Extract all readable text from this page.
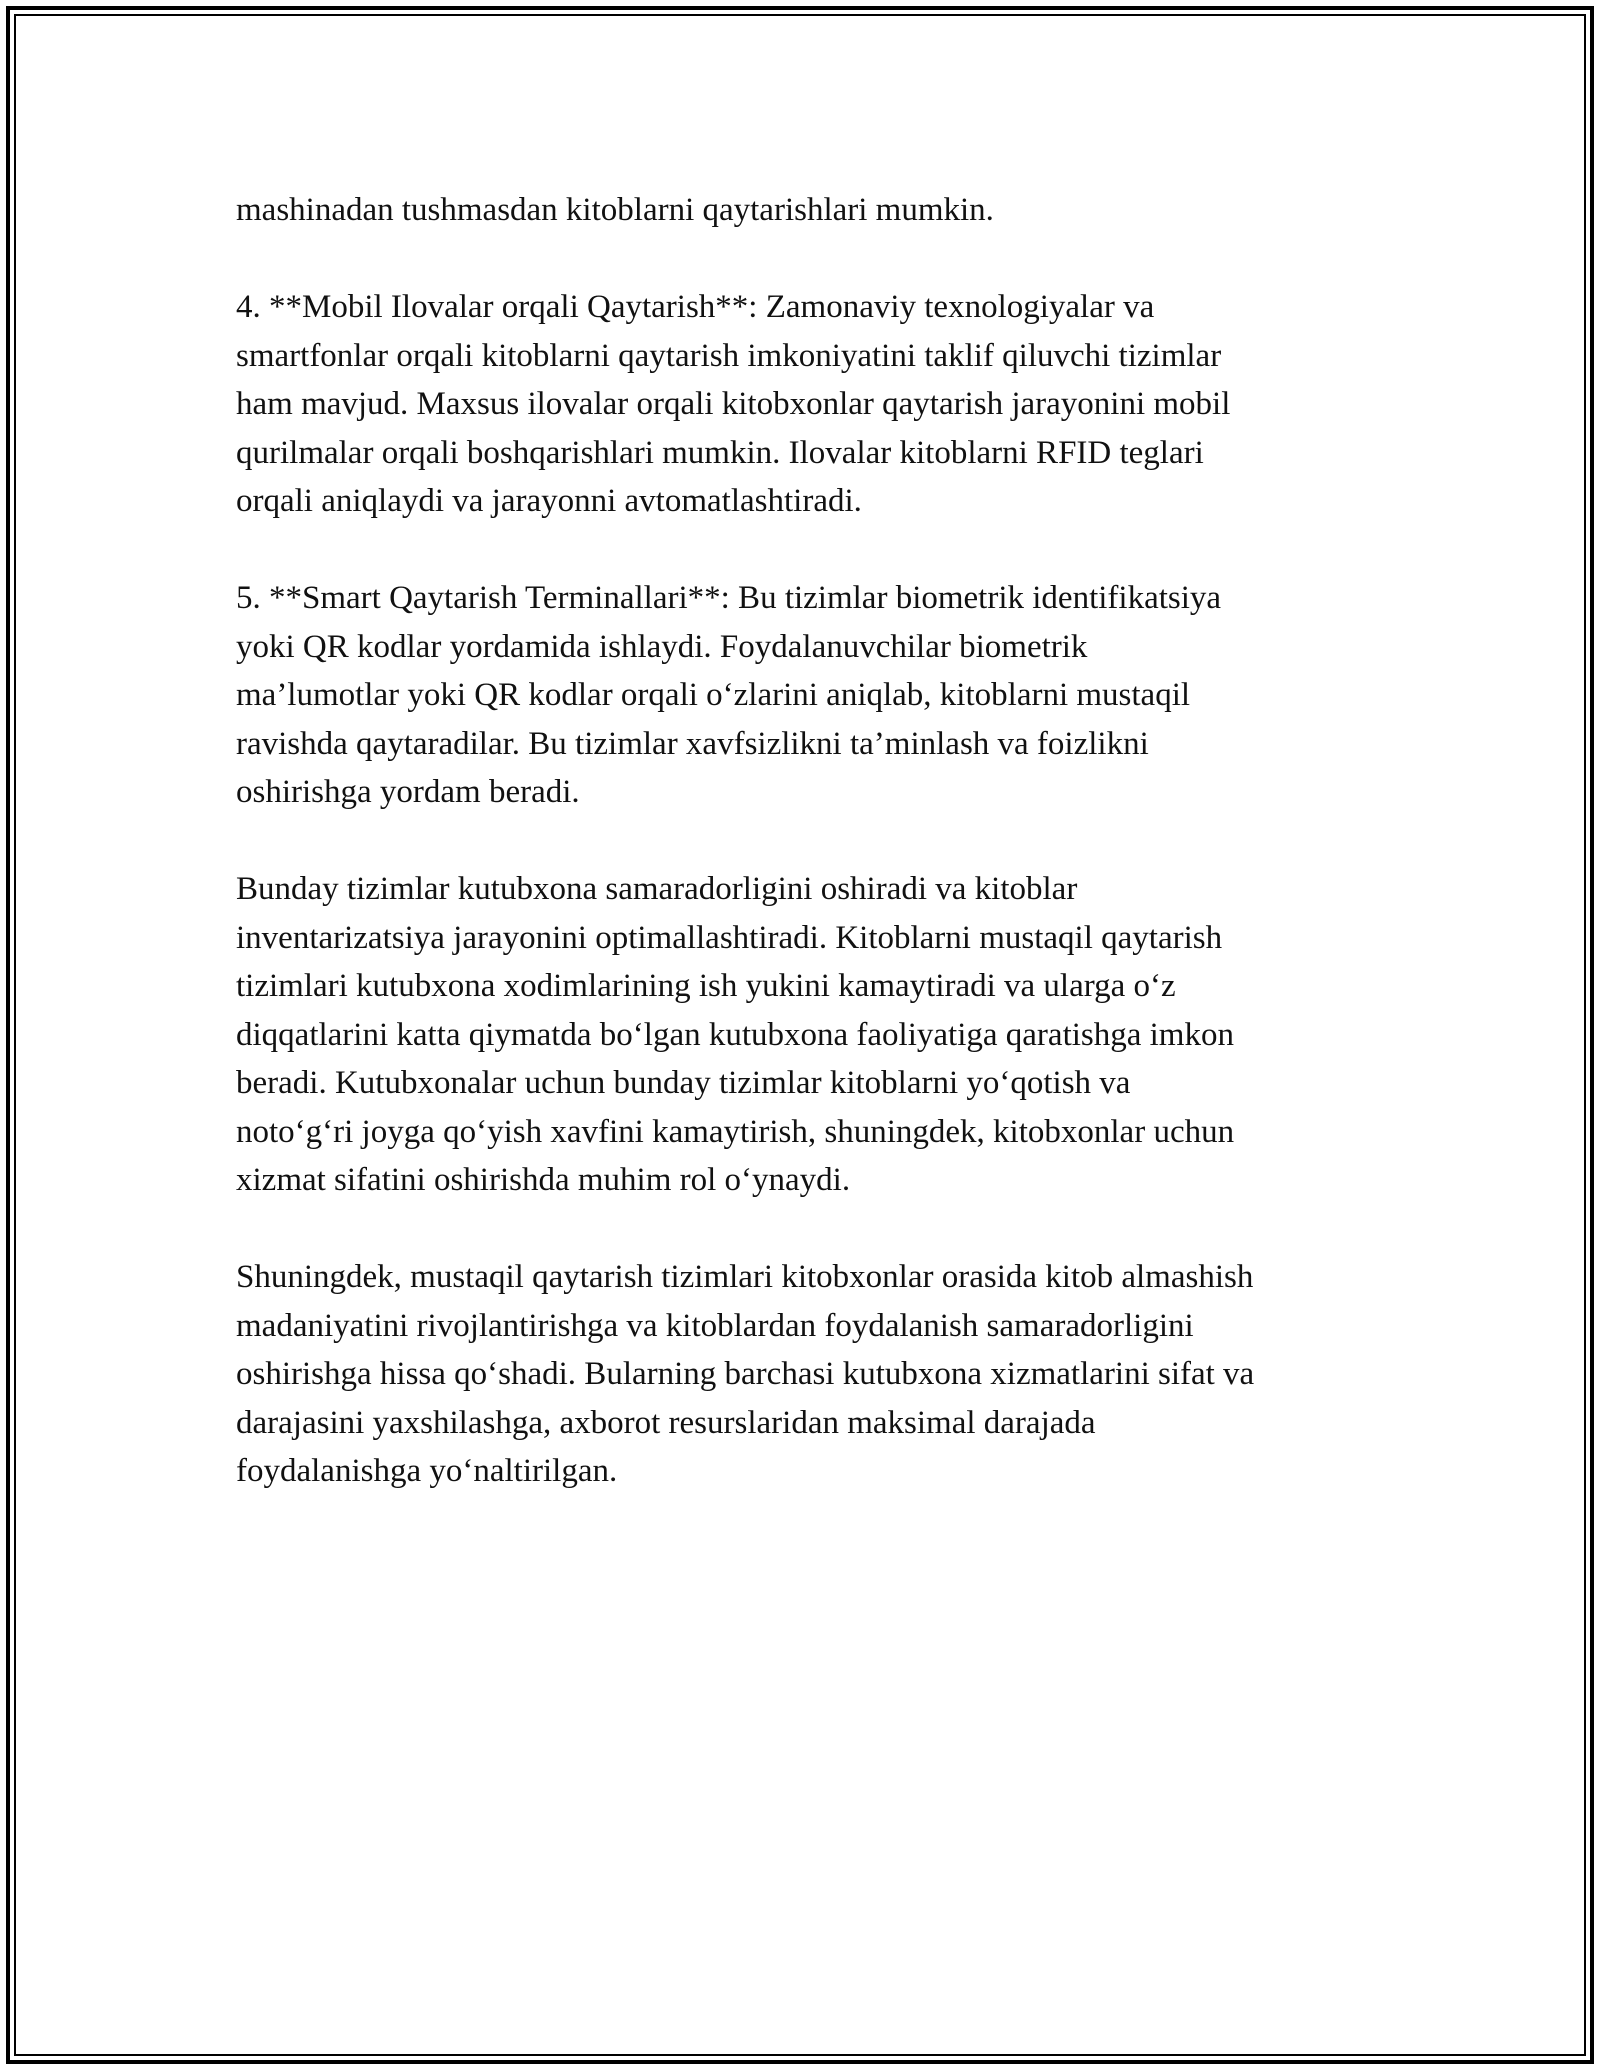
mashinadan tushmasdan kitoblarni qaytarishlari mumkin.

4. **Mobil Ilovalar orqali Qaytarish**: Zamonaviy texnologiyalar va
smartfonlar orqali kitoblarni qaytarish imkoniyatini taklif qiluvchi tizimlar
ham mavjud. Maxsus ilovalar orqali kitobxonlar qaytarish jarayonini mobil
qurilmalar orqali boshqarishlari mumkin. Ilovalar kitoblarni RFID teglari
orqali aniqlaydi va jarayonni avtomatlashtiradi.

5. **Smart Qaytarish Terminallari**: Bu tizimlar biometrik identifikatsiya
yoki QR kodlar yordamida ishlaydi. Foydalanuvchilar biometrik
ma’lumotlar yoki QR kodlar orqali o‘zlarini aniqlab, kitoblarni mustaqil
ravishda qaytaradilar. Bu tizimlar xavfsizlikni ta’minlash va foizlikni
oshirishga yordam beradi.

Bunday tizimlar kutubxona samaradorligini oshiradi va kitoblar
inventarizatsiya jarayonini optimallashtiradi. Kitoblarni mustaqil qaytarish
tizimlari kutubxona xodimlarining ish yukini kamaytiradi va ularga o‘z
diqqatlarini katta qiymatda bo‘lgan kutubxona faoliyatiga qaratishga imkon
beradi. Kutubxonalar uchun bunday tizimlar kitoblarni yo‘qotish va
noto‘g‘ri joyga qo‘yish xavfini kamaytirish, shuningdek, kitobxonlar uchun
xizmat sifatini oshirishda muhim rol o‘ynaydi.

Shuningdek, mustaqil qaytarish tizimlari kitobxonlar orasida kitob almashish
madaniyatini rivojlantirishga va kitoblardan foydalanish samaradorligini
oshirishga hissa qo‘shadi. Bularning barchasi kutubxona xizmatlarini sifat va
darajasini yaxshilashga, axborot resurslaridan maksimal darajada
foydalanishga yo‘naltirilgan.
